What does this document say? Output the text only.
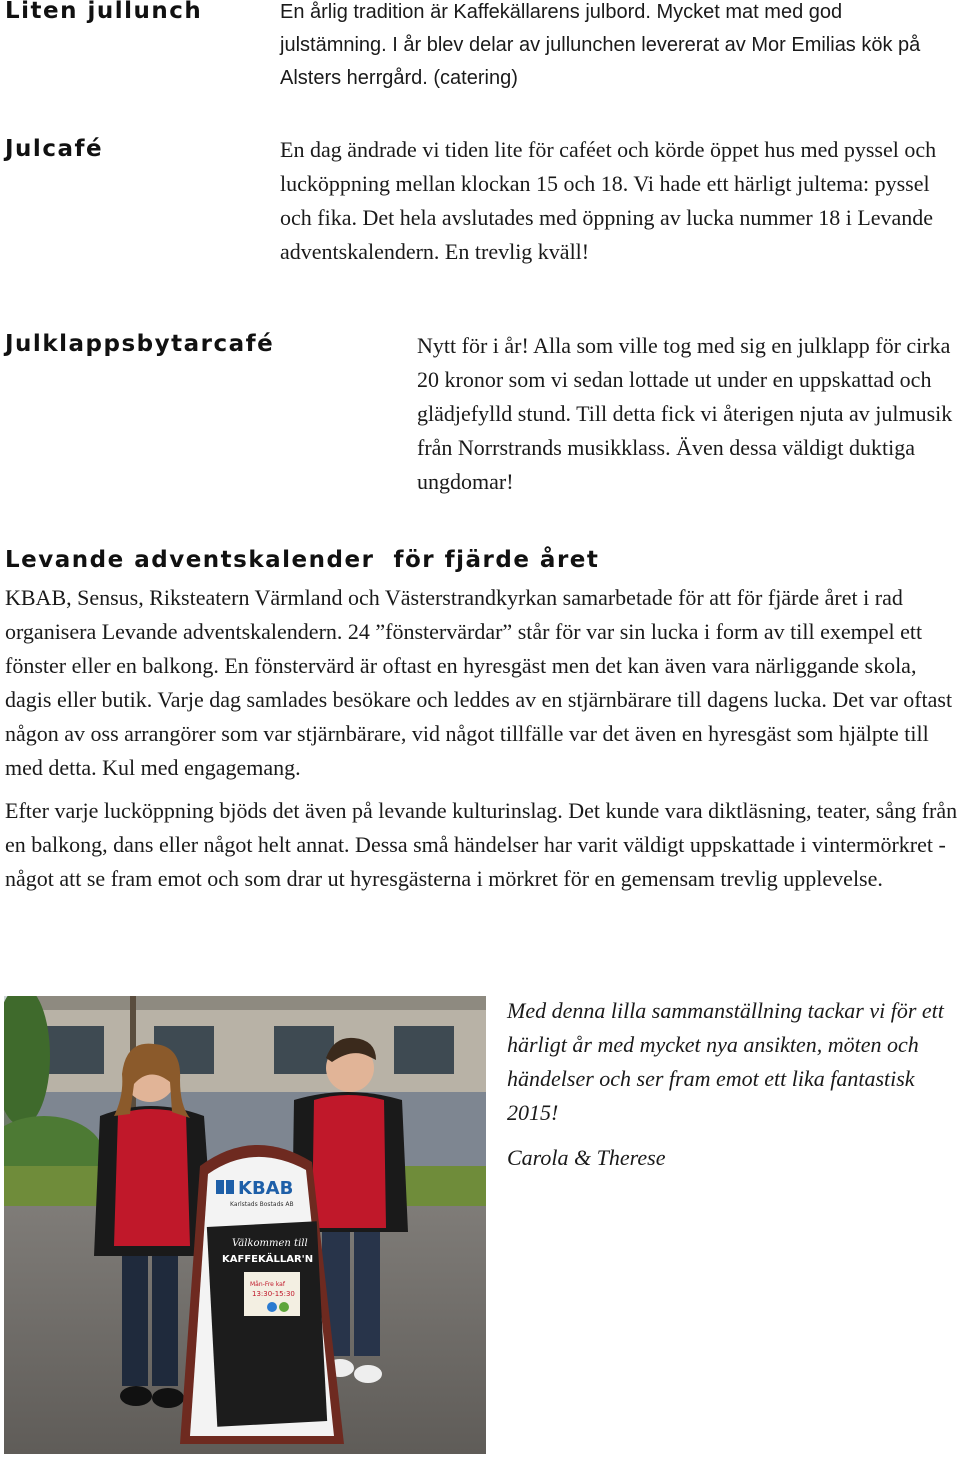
Liten jullunch	En årlig tradition är Kaffekällarens julbord. Mycket mat med god julstämning. I år blev delar av jullunchen levererat av Mor Emilias kök på Alsters herrgård. (catering)
Julcafé	En dag ändrade vi tiden lite för caféet och körde öppet hus med pyssel och lucköppning mellan klockan 15 och 18. Vi hade ett härligt jultema: pyssel och fika. Det hela avslutades med öppning av lucka nummer 18 i Levande adventskalendern. En trevlig kväll!
Julklappsbytarcafé	Nytt för i år! Alla som ville tog med sig en julklapp för cirka 20 kronor som vi sedan lottade ut under en uppskattad och glädjefylld stund. Till detta fick vi återigen njuta av julmusik från Norrstrands musikklass. Även dessa väldigt duktiga ungdomar!
Levande adventskalender  för fjärde året
KBAB, Sensus, Riksteatern Värmland och Västerstrandkyrkan samarbetade för att för fjärde året i rad organisera Levande adventskalendern. 24 ”fönstervärdar” står för var sin lucka i form av till exempel ett fönster eller en balkong. En fönstervärd är oftast en hyresgäst men det kan även vara närliggande skola, dagis eller butik. Varje dag samlades besökare och leddes av en stjärnbärare till dagens lucka. Det var oftast någon av oss arrangörer som var stjärnbärare, vid något tillfälle var det även en hyresgäst som hjälpte till med detta. Kul med engagemang.
Efter varje lucköppning bjöds det även på levande kulturinslag. Det kunde vara diktläsning, teater, sång från en balkong, dans eller något helt annat. Dessa små händelser har varit väldigt uppskattade i vintermörkret - något att se fram emot och som drar ut hyresgästerna i mörkret för en gemensam trevlig upplevelse.
KBAB
Karlstads Bostads AB
Välkommen till
KAFFEKÄLLAR'N
Mån-Fre kaf
13:30-15:30
Med denna lilla sammanställning tackar vi för ett härligt år med mycket nya ansikten, möten och händelser och ser fram emot ett lika fantastisk 2015!
Carola & Therese
